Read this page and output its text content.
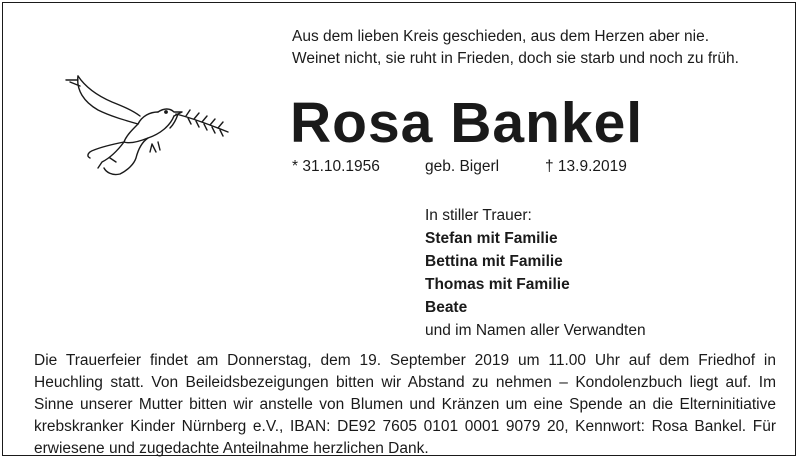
Aus dem lieben Kreis geschieden, aus dem Herzen aber nie.
Weinet nicht, sie ruht in Frieden, doch sie starb und noch zu früh.
Rosa Bankel
* 31.10.1956	geb. Bigerl	† 13.9.2019
In stiller Trauer:
Stefan mit Familie
Bettina mit Familie
Thomas mit Familie
Beate
und im Namen aller Verwandten
Die Trauerfeier findet am Donnerstag, dem 19. September 2019 um 11.00 Uhr auf dem Friedhof in Heuchling statt. Von Beileidsbezeigungen bitten wir Abstand zu nehmen – Kondolenzbuch liegt auf. Im Sinne unserer Mutter bitten wir anstelle von Blumen und Kränzen um eine Spende an die Elterninitiative krebskranker Kinder Nürnberg e.V., IBAN: DE92 7605 0101 0001 9079 20, Kennwort: Rosa Bankel. Für erwiesene und zugedachte Anteilnahme herzlichen Dank.
